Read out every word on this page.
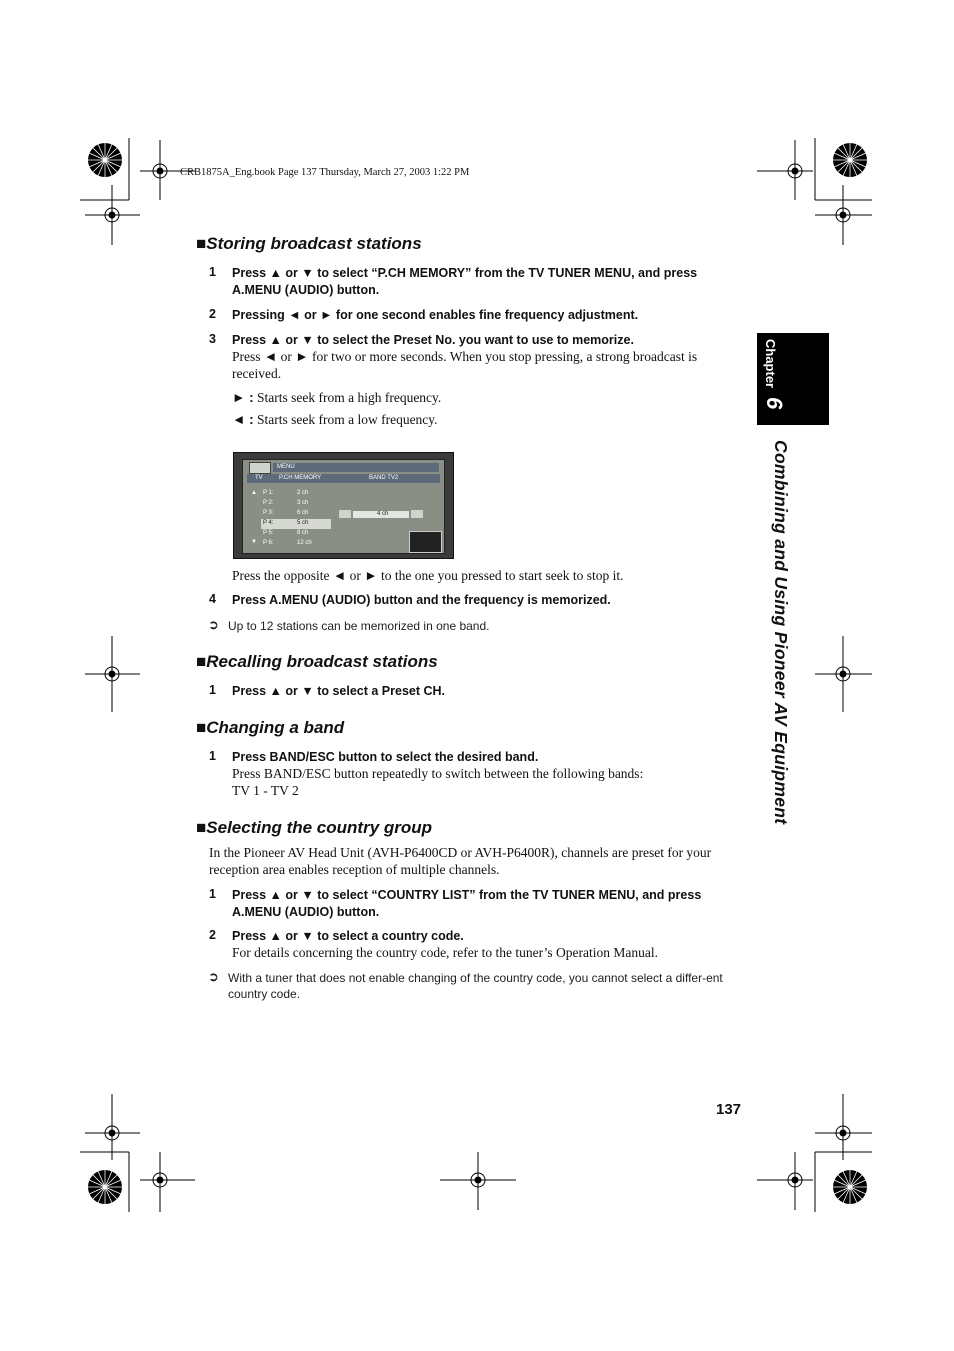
CRB1875A_Eng.book Page 137 Thursday, March 27, 2003 1:22 PM
Chapter
6
Combining and Using Pioneer AV Equipment
■Storing broadcast stations
1 Press ▲ or ▼ to select “P.CH MEMORY” from the TV TUNER MENU, and press A.MENU (AUDIO) button.
2 Pressing ◄ or ► for one second enables fine frequency adjustment.
3 Press ▲ or ▼ to select the Preset No. you want to use to memorize.
Press ◄ or ► for two or more seconds. When you stop pressing, a strong broadcast is received.
► : Starts seek from a high frequency.
◄ : Starts seek from a low frequency.
MENU
TV	P.CH MEMORY	BAND TV2
▲
▼
P 1:	2 ch
P 2:	3 ch
P 3:	6 ch
P 4:	5 ch
P 5:	8 ch
P 6:	12 ch
4 ch
Press the opposite ◄ or ► to the one you pressed to start seek to stop it.
4 Press A.MENU (AUDIO) button and the frequency is memorized.
➲ Up to 12 stations can be memorized in one band.
■Recalling broadcast stations
1 Press ▲ or ▼ to select a Preset CH.
■Changing a band
1 Press BAND/ESC button to select the desired band.
Press BAND/ESC button repeatedly to switch between the following bands:
TV 1 - TV 2
■Selecting the country group
In the Pioneer AV Head Unit (AVH-P6400CD or AVH-P6400R), channels are preset for your reception area enables reception of multiple channels.
1 Press ▲ or ▼ to select “COUNTRY LIST” from the TV TUNER MENU, and press A.MENU (AUDIO) button.
2 Press ▲ or ▼ to select a country code.
For details concerning the country code, refer to the tuner’s Operation Manual.
➲ With a tuner that does not enable changing of the country code, you cannot select a differ-ent country code.
137
